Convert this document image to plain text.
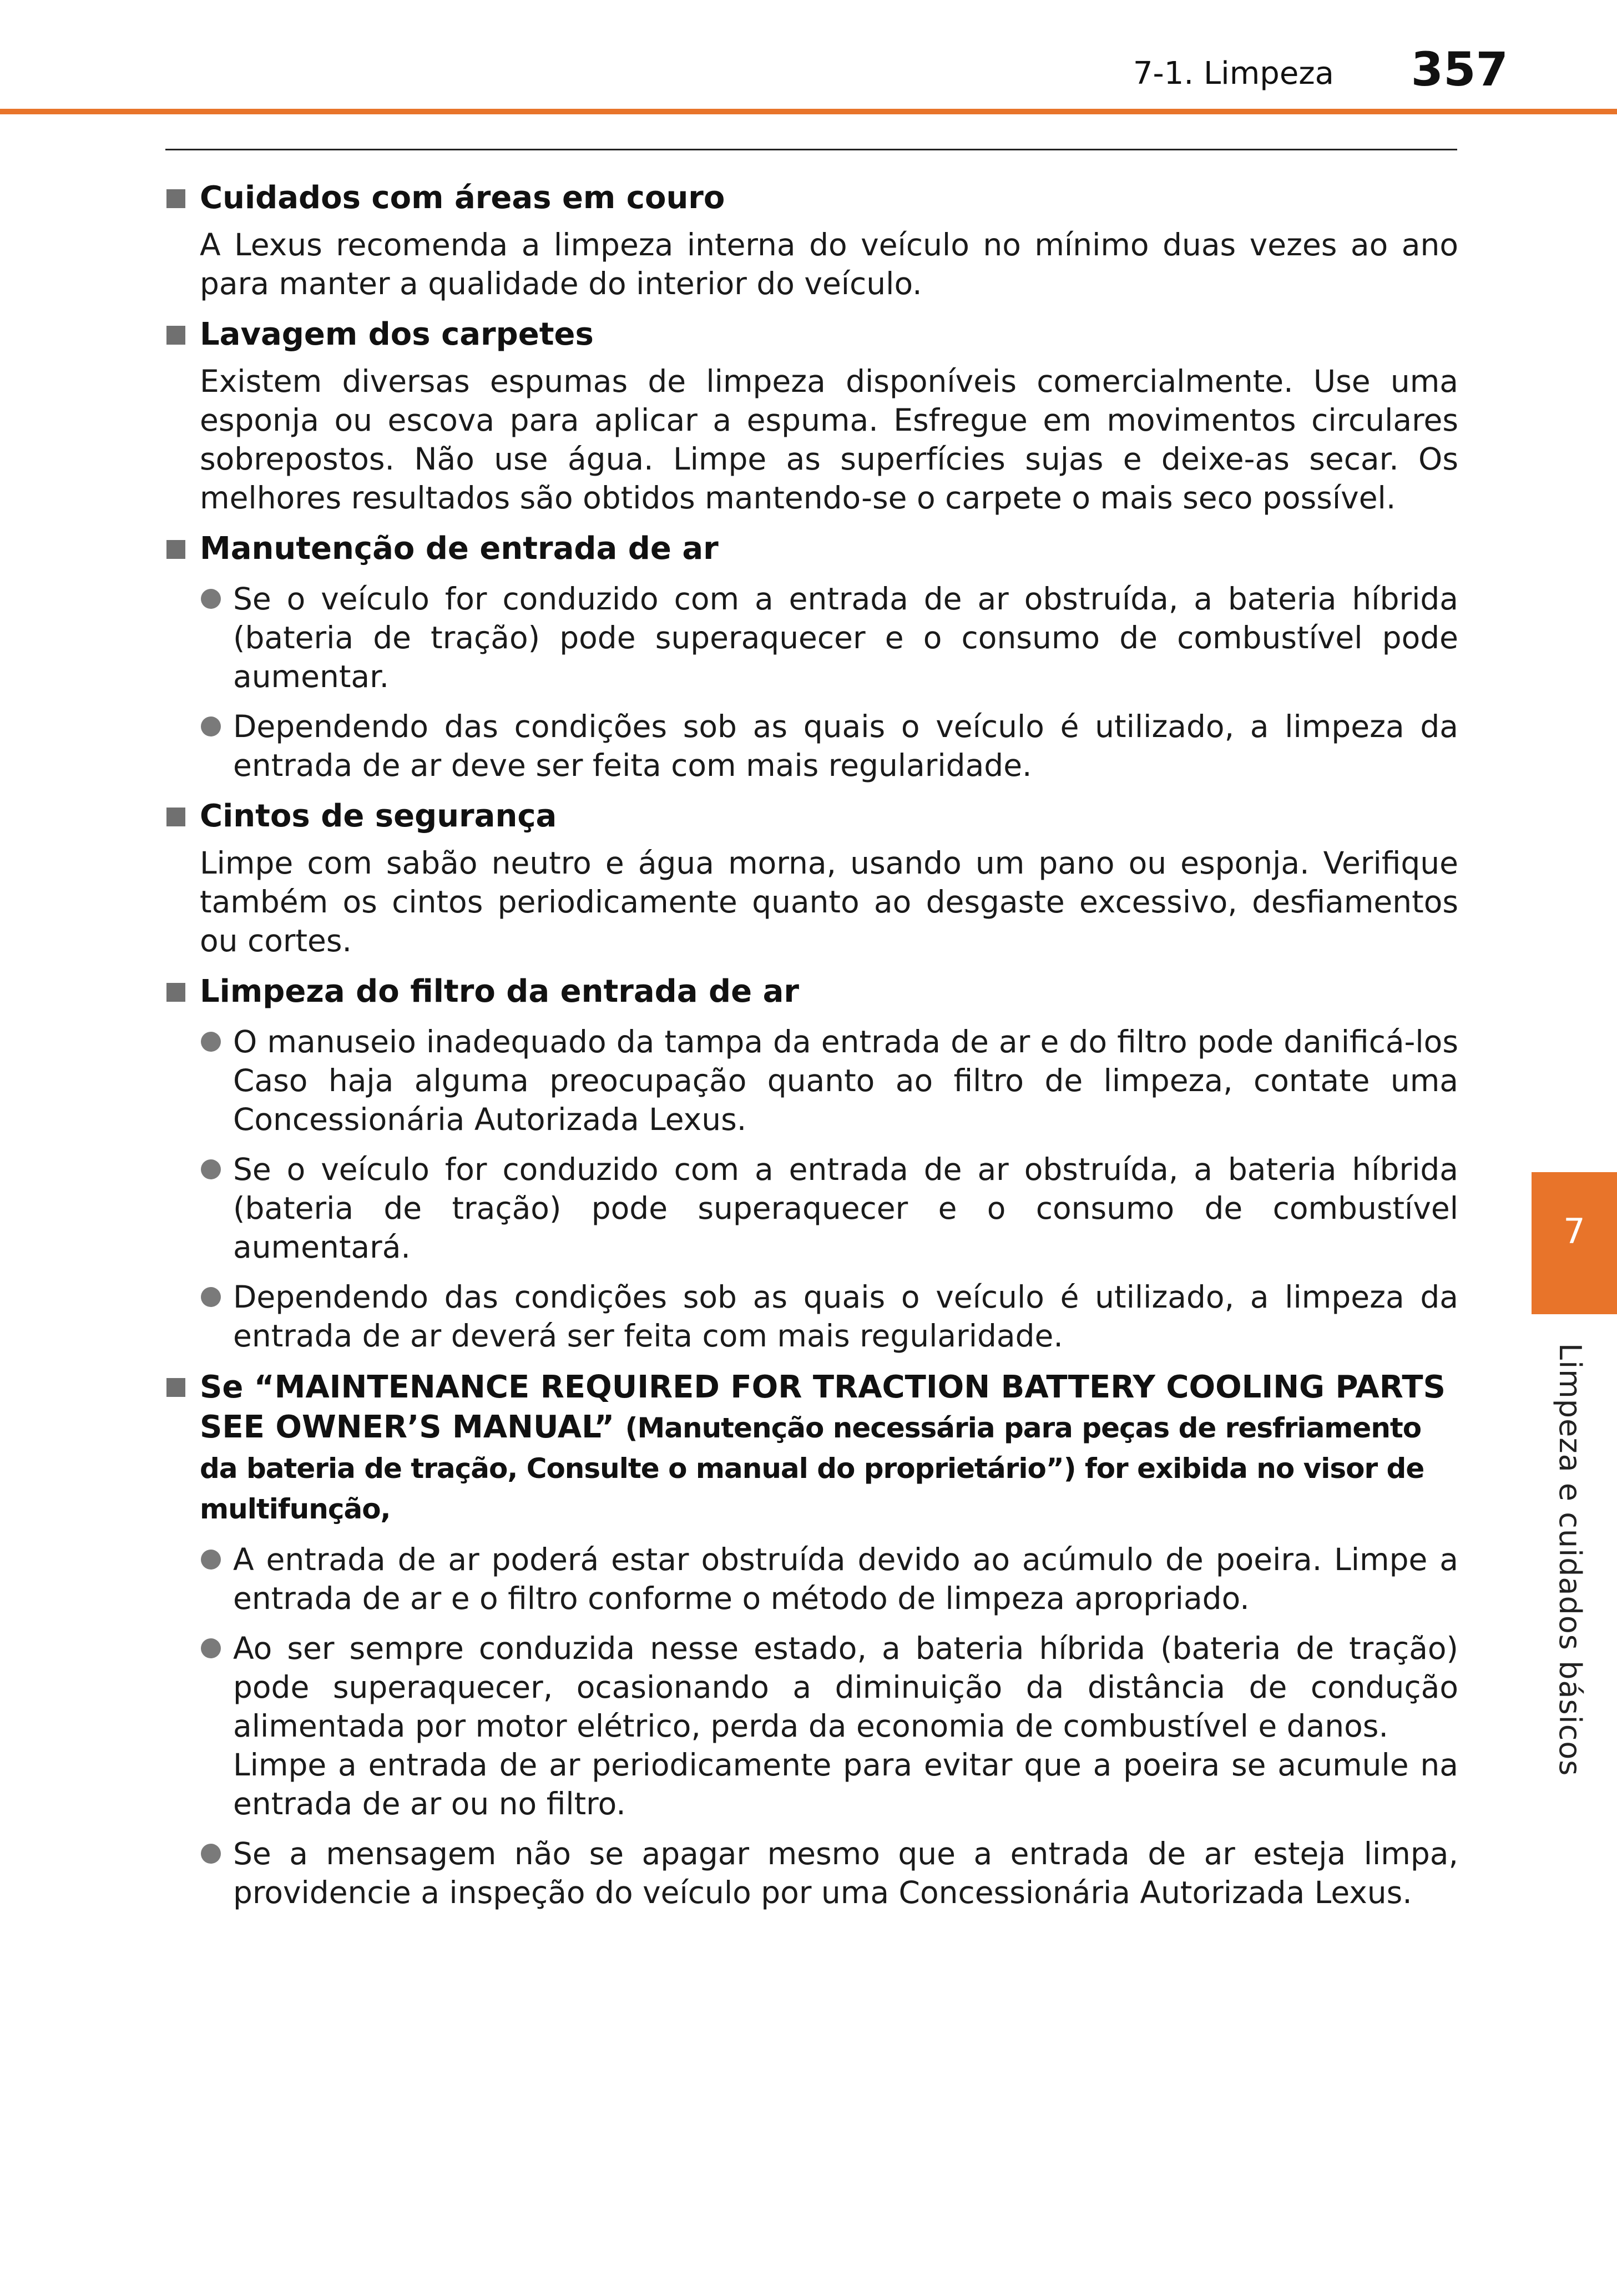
7-1. Limpeza 357
Cuidados com áreas em couro
A Lexus recomenda a limpeza interna do veículo no mínimo duas vezes ao ano para manter a qualidade do interior do veículo.
Lavagem dos carpetes
Existem diversas espumas de limpeza disponíveis comercialmente. Use uma esponja ou escova para aplicar a espuma. Esfregue em movimentos circulares sobrepostos. Não use água. Limpe as superfícies sujas e deixe-as secar. Os melhores resultados são obtidos mantendo-se o carpete o mais seco possível.
Manutenção de entrada de ar
Se o veículo for conduzido com a entrada de ar obstruída, a bateria híbrida (bateria de tração) pode superaquecer e o consumo de combustível pode aumentar.
Dependendo das condições sob as quais o veículo é utilizado, a limpeza da entrada de ar deve ser feita com mais regularidade.
Cintos de segurança
Limpe com sabão neutro e água morna, usando um pano ou esponja. Verifique também os cintos periodicamente quanto ao desgaste excessivo, desfiamentos ou cortes.
Limpeza do filtro da entrada de ar
O manuseio inadequado da tampa da entrada de ar e do filtro pode danificá-los Caso haja alguma preocupação quanto ao filtro de limpeza, contate uma Concessionária Autorizada Lexus.
Se o veículo for conduzido com a entrada de ar obstruída, a bateria híbrida (bateria de tração) pode superaquecer e o consumo de combustível aumentará.
Dependendo das condições sob as quais o veículo é utilizado, a limpeza da entrada de ar deverá ser feita com mais regularidade.
Se “MAINTENANCE REQUIRED FOR TRACTION BATTERY COOLING PARTS SEE OWNER’S MANUAL” (Manutenção necessária para peças de resfriamento da bateria de tração, Consulte o manual do proprietário”) for exibida no visor de multifunção,
A entrada de ar poderá estar obstruída devido ao acúmulo de poeira. Limpe a entrada de ar e o filtro conforme o método de limpeza apropriado.
Ao ser sempre conduzida nesse estado, a bateria híbrida (bateria de tração) pode superaquecer, ocasionando a diminuição da distância de condução alimentada por motor elétrico, perda da economia de combustível e danos.
Limpe a entrada de ar periodicamente para evitar que a poeira se acumule na entrada de ar ou no filtro.
Se a mensagem não se apagar mesmo que a entrada de ar esteja limpa, providencie a inspeção do veículo por uma Concessionária Autorizada Lexus.
7
Limpeza e cuidados básicos
